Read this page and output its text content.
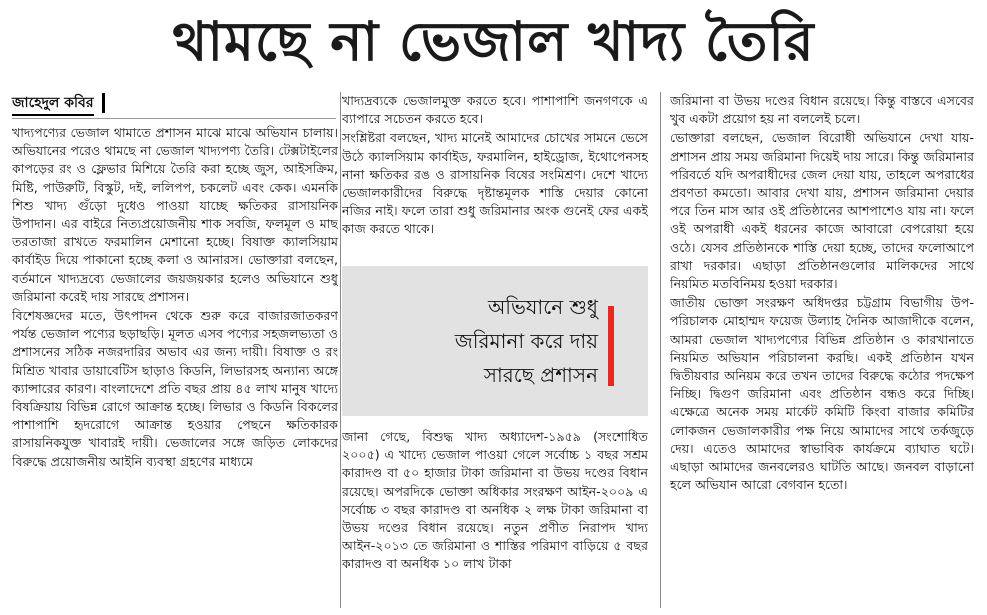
থামছে না ভেজাল খাদ্য তৈরি
জাহেদুল কবির

খাদ্যপণ্যের ভেজাল থামাতে প্রশাসন মাঝে মাঝে অভিযান চালায়। অভিযানের পরেও থামছে না ভেজাল খাদ্যপণ্য তৈরি। টেক্সটাইলের কাপড়ের রং ও ফ্লেভার মিশিয়ে তৈরি করা হচ্ছে জুস, আইসক্রিম, মিষ্টি, পাউরুটি, বিস্কুট, দই, ললিপপ, চকলেট এবং কেক। এমনকি শিশু খাদ্য গুঁড়ো দুধেও পাওয়া যাচ্ছে ক্ষতিকর রাসায়নিক উপাদান। এর বাইরে নিত্যপ্রয়োজনীয় শাক সবজি, ফলমূল ও মাছ তরতাজা রাখতে ফরমালিন মেশানো হচ্ছে। বিষাক্ত ক্যালসিয়াম কার্বাইড দিয়ে পাকানো হচ্ছে কলা ও আনারস। ভোক্তারা বলছেন, বর্তমানে খাদ্যদ্রব্যে ভেজালের জয়জয়কার হলেও অভিযানে শুধু জরিমানা করেই দায় সারছে প্রশাসন।

বিশেষজ্ঞদের মতে, উৎপাদন থেকে শুরু করে বাজারজাতকরণ পর্যন্ত ভেজাল পণ্যের ছড়াছড়ি। মূলত এসব পণ্যের সহজলভ্যতা ও প্রশাসনের সঠিক নজরদারির অভাব এর জন্য দায়ী। বিষাক্ত ও রং মিশ্রিত খাবার ডায়াবেটিস ছাড়াও কিডনি, লিভারসহ অন্যান্য অঙ্গে ক্যান্সারের কারণ। বাংলাদেশে প্রতি বছর প্রায় ৪৫ লাখ মানুষ খাদ্যে বিষক্রিয়ায় বিভিন্ন রোগে আক্রান্ত হচ্ছে। লিভার ও কিডনি বিকলের পাশাপাশি হৃদরোগে আক্রান্ত হওয়ার পেছনে ক্ষতিকারক রাসায়নিকযুক্ত খাবারই দায়ী। ভেজালের সঙ্গে জড়িত লোকদের বিরুদ্ধে প্রয়োজনীয় আইনি ব্যবস্থা গ্রহণের মাধ্যমে

খাদ্যদ্রব্যকে ভেজালমুক্ত করতে হবে। পাশাপাশি জনগণকে এ ব্যাপারে সচেতন করতে হবে।

সংশ্লিষ্টরা বলছেন, খাদ্য মানেই আমাদের চোখের সামনে ভেসে উঠে ক্যালসিয়াম কার্বাইড, ফরমালিন, হাইড্রোজ, ইথোপেনসহ নানা ক্ষতিকর রঙ ও রাসায়নিক বিষের সংমিশ্রণ। দেশে খাদ্যে ভেজালকারীদের বিরুদ্ধে দৃষ্টান্তমূলক শাস্তি দেয়ার কোনো নজির নাই। ফলে তারা শুধু জরিমানার অংক গুনেই ফের একই কাজ করতে থাকে।

অভিযানে শুধু
জরিমানা করে দায়
সারছে প্রশাসন

জানা গেছে, বিশুদ্ধ খাদ্য অধ্যাদেশ-১৯৫৯ (সংশোধিত ২০০৫) এ খাদ্যে ভেজাল পাওয়া গেলে সর্বোচ্চ ১ বছর সশ্রম কারাদণ্ড বা ৫০ হাজার টাকা জরিমানা বা উভয় দণ্ডের বিধান রয়েছে। অপরদিকে ভোক্তা অধিকার সংরক্ষণ আইন-২০০৯ এ সর্বোচ্চ ৩ বছর কারাদণ্ড বা অনধিক ২ লক্ষ টাকা জরিমানা বা উভয় দণ্ডের বিধান রয়েছে। নতুন প্রণীত নিরাপদ খাদ্য আইন-২০১৩ তে জরিমানা ও শাস্তির পরিমাণ বাড়িয়ে ৫ বছর কারাদণ্ড বা অনধিক ১০ লাখ টাকা

জরিমানা বা উভয় দণ্ডের বিধান রয়েছে। কিন্তু বাস্তবে এসবের খুব একটা প্রয়োগ হয় না বললেই চলে।

ভোক্তারা বলছেন, ভেজাল বিরোধী অভিযানে দেখা যায়-প্রশাসন প্রায় সময় জরিমানা দিয়েই দায় সারে। কিন্তু জরিমানার পরিবর্তে যদি অপরাধীদের জেল দেয়া যায়, তাহলে অপরাধের প্রবণতা কমতো। আবার দেখা যায়, প্রশাসন জরিমানা দেয়ার পরে তিন মাস আর ওই প্রতিষ্ঠানের আশপাশেও যায় না। ফলে ওই অপরাধী একই ধরনের কাজে আবারো বেপরোয়া হয়ে ওঠে। যেসব প্রতিষ্ঠানকে শাস্তি দেয়া হচ্ছে, তাদের ফলোআপে রাখা দরকার। এছাড়া প্রতিষ্ঠানগুলোর মালিকদের সাথে নিয়মিত মতবিনিময় হওয়া দরকার।

জাতীয় ভোক্তা সংরক্ষণ অধিদপ্তর চট্টগ্রাম বিভাগীয় উপ-পরিচালক মোহাম্মদ ফয়েজ উল্যাহ দৈনিক আজাদীকে বলেন, আমরা ভেজাল খাদ্যপণ্যের বিভিন্ন প্রতিষ্ঠান ও কারখানাতে নিয়মিত অভিযান পরিচালনা করছি। একই প্রতিষ্ঠান যখন দ্বিতীয়বার অনিয়ম করে তখন তাদের বিরুদ্ধে কঠোর পদক্ষেপ নিচ্ছি। দ্বিগুণ জরিমানা এবং প্রতিষ্ঠান বন্ধও করে দিচ্ছি। এক্ষেত্রে অনেক সময় মার্কেট কমিটি কিংবা বাজার কমিটির লোকজন ভেজালকারীর পক্ষ নিয়ে আমাদের সাথে তর্কজুড়ে দেয়। এতেও আমাদের স্বাভাবিক কার্যক্রমে ব্যাঘাত ঘটে। এছাড়া আমাদের জনবলেরও ঘাটতি আছে। জনবল বাড়ানো হলে অভিযান আরো বেগবান হতো।
